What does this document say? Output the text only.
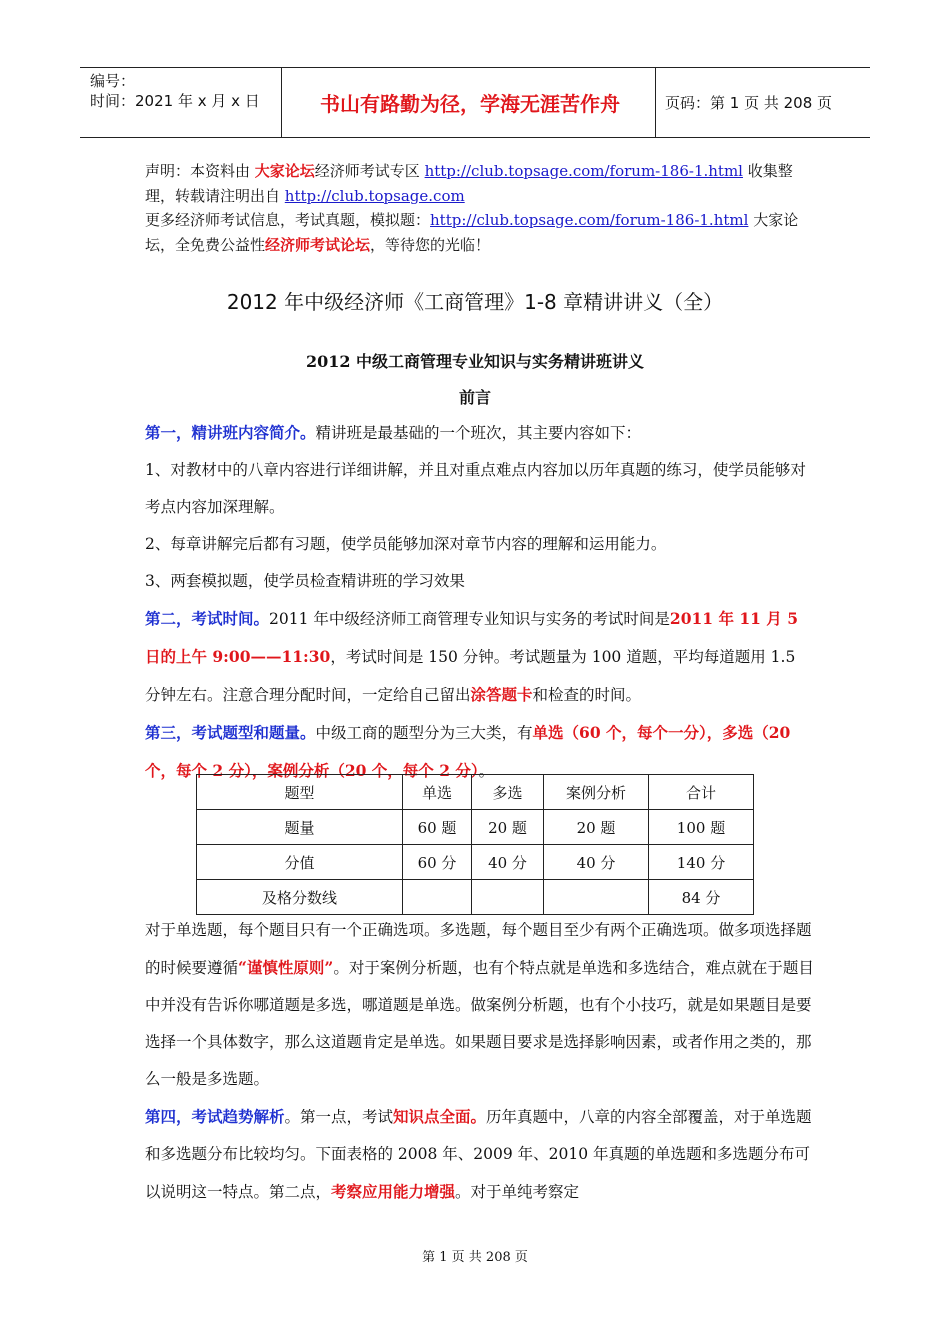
编号：
时间：2021 年 x 月 x 日	书山有路勤为径，学海无涯苦作舟	页码：第 1 页 共 208 页
声明：本资料由 大家论坛经济师考试专区 http://club.topsage.com/forum-186-1.html 收集整理，转载请注明出自 http://club.topsage.com
更多经济师考试信息，考试真题，模拟题：http://club.topsage.com/forum-186-1.html 大家论坛，全免费公益性经济师考试论坛，等待您的光临！
2012 年中级经济师《工商管理》1-8 章精讲讲义（全）
2012 中级工商管理专业知识与实务精讲班讲义
前言

第一，精讲班内容简介。精讲班是最基础的一个班次，其主要内容如下：

1、对教材中的八章内容进行详细讲解，并且对重点难点内容加以历年真题的练习，使学员能够对考点内容加深理解。

2、每章讲解完后都有习题，使学员能够加深对章节内容的理解和运用能力。

3、两套模拟题，使学员检查精讲班的学习效果

第二，考试时间。2011 年中级经济师工商管理专业知识与实务的考试时间是2011 年 11 月 5 日的上午 9:00——11:30，考试时间是 150 分钟。考试题量为 100 道题，平均每道题用 1.5 分钟左右。注意合理分配时间，一定给自己留出涂答题卡和检查的时间。

第三，考试题型和题量。中级工商的题型分为三大类，有单选（60 个，每个一分），多选（20 个，每个 2 分），案例分析（20 个，每个 2 分）。

题型	单选	多选	案例分析	合计
题量	60 题	20 题	20 题	100 题
分值	60 分	40 分	40 分	140 分
及格分数线				84 分

对于单选题，每个题目只有一个正确选项。多选题，每个题目至少有两个正确选项。做多项选择题的时候要遵循“谨慎性原则”。对于案例分析题，也有个特点就是单选和多选结合，难点就在于题目中并没有告诉你哪道题是多选，哪道题是单选。做案例分析题，也有个小技巧，就是如果题目是要选择一个具体数字，那么这道题肯定是单选。如果题目要求是选择影响因素，或者作用之类的，那么一般是多选题。

第四，考试趋势解析。第一点，考试知识点全面。历年真题中，八章的内容全部覆盖，对于单选题和多选题分布比较均匀。下面表格的 2008 年、2009 年、2010 年真题的单选题和多选题分布可以说明这一特点。第二点，考察应用能力增强。对于单纯考察定

第 1 页 共 208 页
